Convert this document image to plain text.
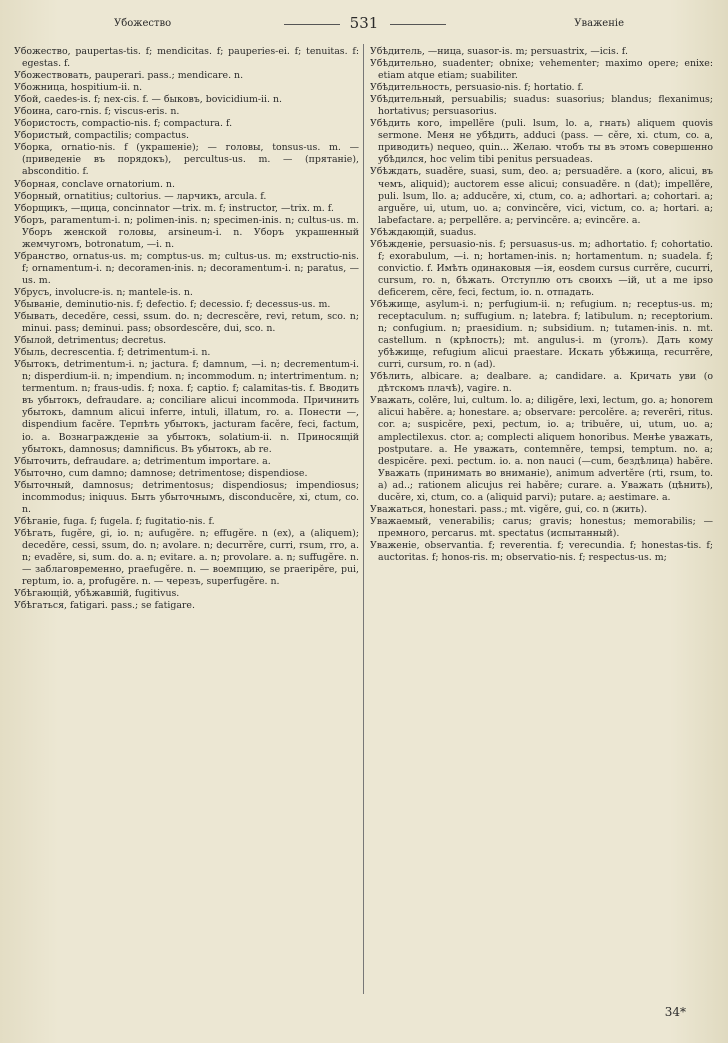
Убожество	531	Уваженіе

Убожество, paupertas-tis. f; mendicitas. f; pauperies-ei. f; tenuitas. f: egestas. f.

Убожествовать, pauperari. pass.; mendicare. n.

Убожница, hospitium-ii. n.

Убой, caedes-is. f; nex-cis. f. — быковъ, bovicidium-ii. n.

Убоина, caro-rnis. f; viscus-eris. n.

Убористость, compactio-nis. f; compactura. f.

Убористый, compactilis; compactus.

Уборка, ornatio-nis. f (украшеніе); — головы, tonsus-us. m. — (приведеніе въ порядокъ), percultus-us. m. — (прятаніе), absconditio. f.

Уборная, conclave ornatorium. n.

Уборный, ornatitius; cultorius. — ларчикъ, arcula. f.

Уборщикъ, —щица, concinnator —trix. m. f; instructor, —trix. m. f.

Уборъ, paramentum-i. n; polimen-inis. n; specimen-inis. n; cultus-us. m. Уборъ женской головы, arsineum-i. n. Уборъ украшенный жемчугомъ, botronatum, —i. n.

Убранство, ornatus-us. m; comptus-us. m; cultus-us. m; exstructio-nis. f; ornamentum-i. n; decoramen-inis. n; decoramentum-i. n; paratus, —us. m.

Убрусъ, involucre-is. n; mantele-is. n.

Убываніе, deminutio-nis. f; defectio. f; decessio. f; decessus-us. m.

Убывать, decedĕre, cessi, ssum. do. n; decrescĕre, revi, retum, sco. n; minui. pass; deminui. pass; obsordescĕre, dui, sco. n.

Убылой, detrimentus; decretus.

Убыль, decrescentia. f; detrimentum-i. n.

Убытокъ, detrimentum-i. n; jactura. f; damnum, —i. n; decrementum-i. n; disperdium-ii. n; impendium. n; incommodum. n; intertrimentum. n; termentum. n; fraus-udis. f; noxa. f; captio. f; calamitas-tis. f. Вводить въ убытокъ, defraudare. a; conciliare alicui incommoda. Причинить убытокъ, damnum alicui inferre, intuli, illatum, ro. a. Понести —, dispendium facĕre. Терпѣть убытокъ, jacturam facĕre, feci, factum, io. a. Вознагражденіе за убытокъ, solatium-ii. n. Приносящій убытокъ, damnosus; damnificus. Въ убытокъ, ab re.

Убыточить, defraudare. a; detrimentum importare. a.

Убыточно, cum damno; damnose; detrimentose; dispendiose.

Убыточный, damnosus; detrimentosus; dispendiosus; impendiosus; incommodus; iniquus. Быть убыточнымъ, disconducĕre, xi, ctum, co. n.

Убѣганіе, fuga. f; fugela. f; fugitatio-nis. f.

Убѣгать, fugĕre, gi, io. n; aufugĕre. n; effugĕre. n (ex), a (aliquem); decedĕre, cessi, ssum, do. n; avolare. n; decurrĕre, curri, rsum, rro, a. n; evadĕre, si, sum. do. a. n; evitare. a. n; provolare. a. n; suffugĕre. n. — заблаговременно, praefugĕre. n. — воемпцию, se praeripĕre, pui, reptum, io. a, profugĕre. n. — черезъ, superfugĕre. n.

Убѣгающій, убѣжавшій, fugitivus.

Убѣгаться, fatigari. pass.; se fatigare.

Убѣдитель, —ница, suasor-is. m; persuastrix, —icis. f.

Убѣдительно, suadenter; obnixe; vehementer; maximo opere; enixe: etiam atque etiam; suabiliter.

Убѣдительность, persuasio-nis. f; hortatio. f.

Убѣдительный, persuabilis; suadus: suasorius; blandus; flexanimus; hortativus; persuasorius.

Убѣдить кого, impellĕre (puli. lsum, lo. a, гнать) aliquem quovis sermone. Меня не убѣдить, adduci (pass. — cĕre, xi. ctum, co. a, приводить) nequeo, quin... Желаю. чтобъ ты въ этомъ совершенно убѣдился, hoc velim tibi penitus persuadeas.

Убѣждать, suadĕre, suasi, sum, deo. a; persuadĕre. a (кого, alicui, въ чемъ, aliquid); auctorem esse alicui; consuadĕre. n (dat); impellĕre, puli. lsum, llo. a; adducĕre, xi, ctum, co. a; adhortari. a; cohortari. a; arguĕre, ui, utum, uo. a; convincĕre, vici, victum, co. a; hortari. a; labefactare. a; perpellĕre. a; pervincĕre. a; evincĕre. a.

Убѣждающій, suadus.

Убѣжденіе, persuasio-nis. f; persuasus-us. m; adhortatio. f; cohortatio. f; exorabulum, —i. n; hortamen-inis. n; hortamentum. n; suadela. f; convictio. f. Имѣть одинаковыя —ія, eosdem cursus currĕre, cucurri, cursum, ro. n, бѣжать. Отступлю отъ своихъ —ій, ut a me ipso deficerem, cĕre, feci, fectum, io. n. отпадать.

Убѣжище, asylum-i. n; perfugium-ii. n; refugium. n; receptus-us. m; receptaculum. n; suffugium. n; latebra. f; latibulum. n; receptorium. n; confugium. n; praesidium. n; subsidium. n; tutamen-inis. n. mt. castellum. n (крѣпость); mt. angulus-i. m (уголъ). Дать кому убѣжище, refugium alicui praestare. Искать убѣжища, recurrĕre, curri, cursum, ro. n (ad).

Убѣлить, albicare. a; dealbare. a; candidare. a. Кричать уви (о дѣтскомъ плачѣ), vagire. n.

Уважать, colĕre, lui, cultum. lo. a; diligĕre, lexi, lectum, go. a; honorem alicui habĕre. a; honestare. a; observare: percolĕre. a; reverēri, ritus. cor. a; suspicĕre, pexi, pectum, io. a; tribuĕre, ui, utum, uo. a; amplectilexus. ctor. a; complecti aliquem honoribus. Менѣе уважать, postputare. a. Не уважать, contemnĕre, tempsi, temptum. no. a; despicĕre. pexi. pectum. io. a. non nauci (—cum, бездѣлица) habĕre. Уважать (принимать во вниманіе), animum advertĕre (rti, rsum, to. a) ad..; rationem alicujus rei habĕre; curare. a. Уважать (цѣнить), ducĕre, xi, ctum, co. a (aliquid parvi); putare. a; aestimare. a.

Уважаться, honestari. pass.; mt. vigĕre, gui, co. n (жить).

Уважаемый, venerabilis; carus; gravis; honestus; memorabilis; — премного, percarus. mt. spectatus (испытанный).

Уваженіе, observantia. f; reverentia. f; verecundia. f; honestas-tis. f; auctoritas. f; honos-ris. m; observatio-nis. f; respectus-us. m;

34*
